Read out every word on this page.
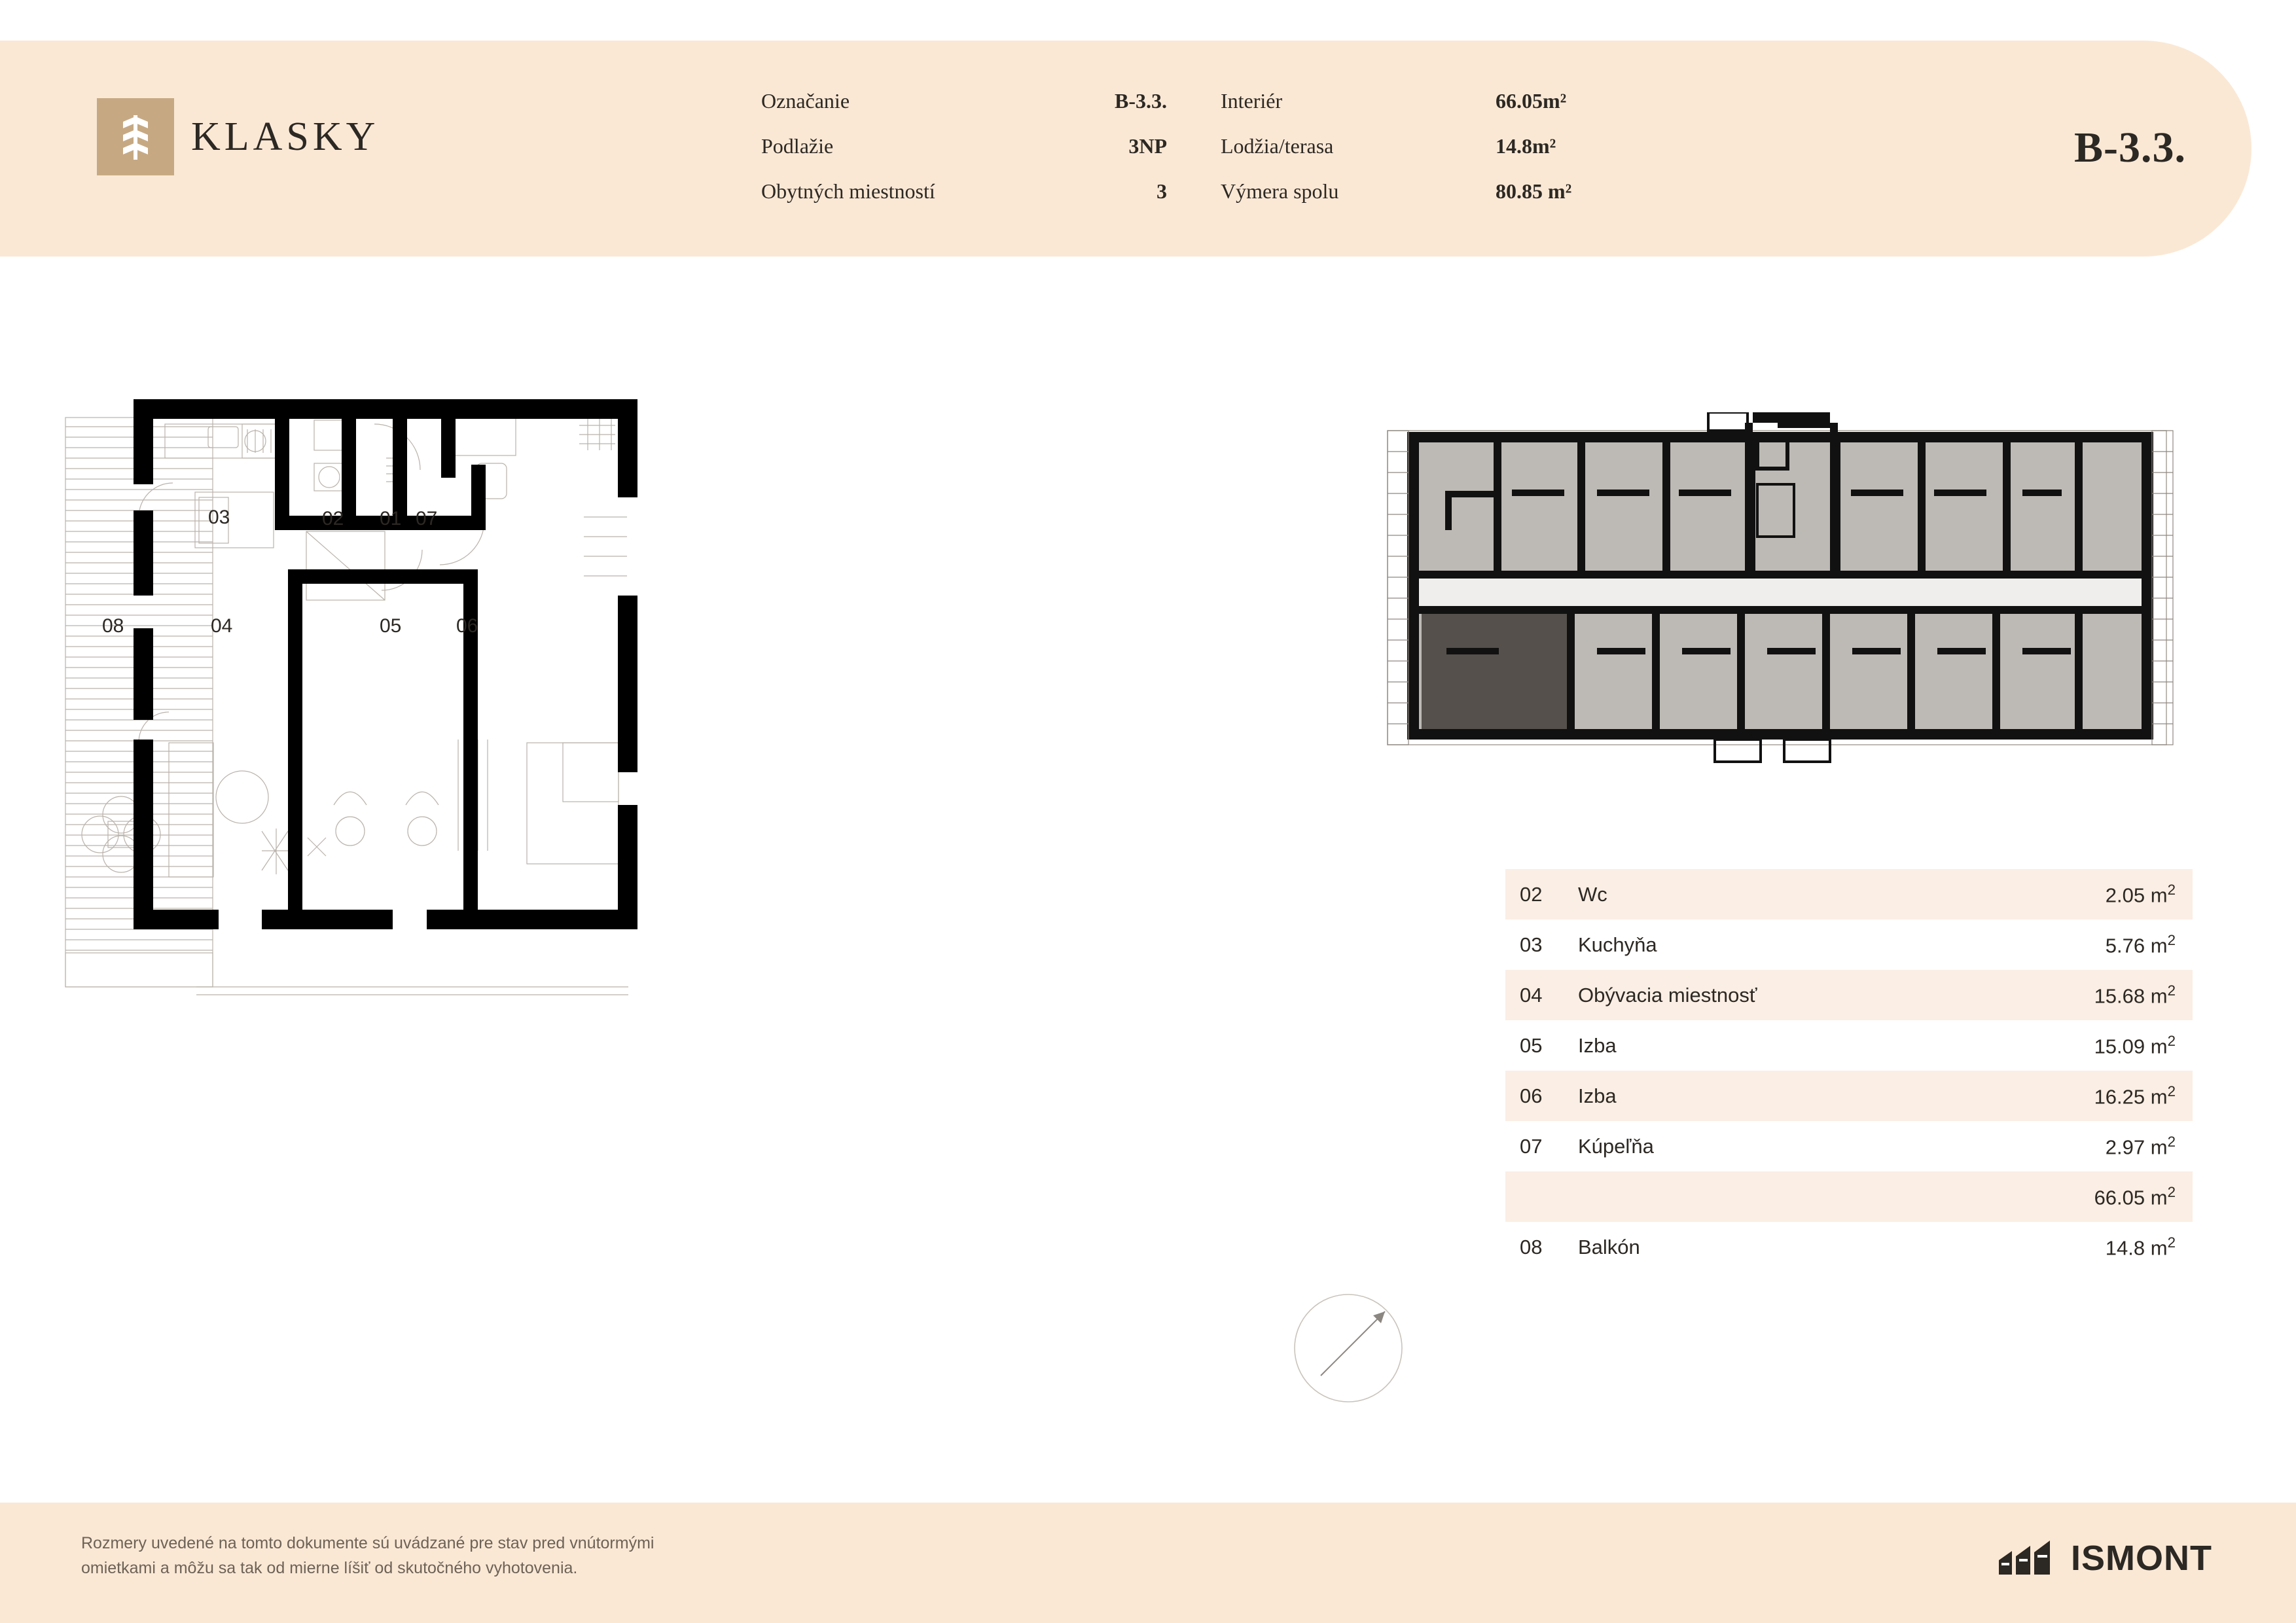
KLASKY
Označanie	B-3.3.
Podlažie	3NP
Obytných miestností	3
Interiér	66.05m²
Lodžia/terasa	14.8m²
Výmera spolu	80.85 m²
B-3.3.
03	02 01 07
08	04	05	06
02	Wc	2.05 $m^2$
03	Kuchyňa	5.76 $m^2$
04	Obývacia miestnosť	15.68 $m^2$
05	Izba	15.09 $m^2$
06	Izba	16.25 $m^2$
07	Kúpeľňa	2.97 $m^2$
		66.05 $m^2$
08	Balkón	14.8 $m^2$
Rozmery uvedené na tomto dokumente sú uvádzané pre stav pred vnútormými
omietkami a môžu sa tak od mierne líšiť od skutočného vyhotovenia.	ISMONT
